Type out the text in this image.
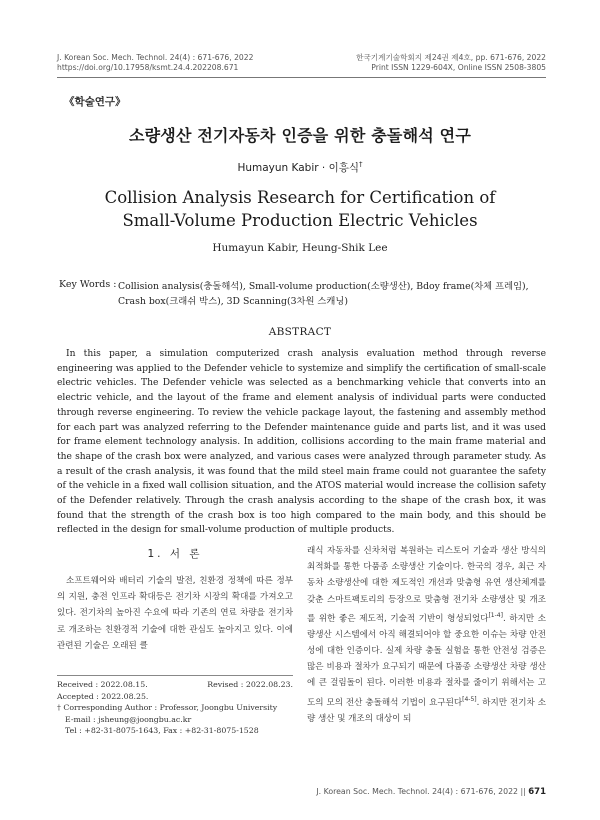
J. Korean Soc. Mech. Technol. 24(4) : 671-676, 2022
https://doi.org/10.17958/ksmt.24.4.202208.671
한국기계기술학회지 제24권 제4호, pp. 671-676, 2022
Print ISSN 1229-604X, Online ISSN 2508-3805
《학술연구》
소량생산 전기자동차 인증을 위한 충돌해석 연구
Humayun Kabir · 이흥식†
Collision Analysis Research for Certification of
Small-Volume Production Electric Vehicles
Humayun Kabir, Heung-Shik Lee
Key Words : Collision analysis(충돌해석), Small-volume production(소량생산), Bdoy frame(차체 프레임), Crash box(크래쉬 박스), 3D Scanning(3차원 스캐닝)
ABSTRACT
In this paper, a simulation computerized crash analysis evaluation method through reverse engineering was applied to the Defender vehicle to systemize and simplify the certification of small-scale electric vehicles. The Defender vehicle was selected as a benchmarking vehicle that converts into an electric vehicle, and the layout of the frame and element analysis of individual parts were conducted through reverse engineering. To review the vehicle package layout, the fastening and assembly method for each part was analyzed referring to the Defender maintenance guide and parts list, and it was used for frame element technology analysis. In addition, collisions according to the main frame material and the shape of the crash box were analyzed, and various cases were analyzed through parameter study. As a result of the crash analysis, it was found that the mild steel main frame could not guarantee the safety of the vehicle in a fixed wall collision situation, and the ATOS material would increase the collision safety of the Defender relatively. Through the crash analysis according to the shape of the crash box, it was found that the strength of the crash box is too high compared to the main body, and this should be reflected in the design for small-volume production of multiple products.
1. 서 론
소프트웨어와 배터리 기술의 발전, 친환경 정책에 따른 정부의 지원, 충전 인프라 확대등은 전기차 시장의 확대를 가져오고 있다. 전기차의 높아진 수요에 따라 기존의 연료 차량을 전기차로 개조하는 친환경적 기술에 대한 관심도 높아지고 있다. 이에 관련된 기술은 오래된 클
래식 자동차를 신차처럼 복원하는 리스토어 기술과 생산 방식의 최적화를 통한 다품종 소량생산 기술이다. 한국의 경우, 최근 자동차 소량생산에 대한 제도적인 개선과 맞춤형 유연 생산체계를 갖춘 스마트팩토리의 등장으로 맞춤형 전기차 소량생산 및 개조를 위한 좋은 제도적, 기술적 기반이 형성되었다[1-4]. 하지만 소량생산 시스템에서 아직 해결되어야 할 중요한 이슈는 차량 안전성에 대한 인증이다. 실제 차량 충돌 실험을 통한 안전성 검증은 많은 비용과 절차가 요구되기 때문에 다품종 소량생산 차량 생산에 큰 걸림돌이 된다. 이러한 비용과 절차를 줄이기 위해서는 고도의 모의 전산 충돌해석 기법이 요구된다[4-5]. 하지만 전기차 소량 생산 및 개조의 대상이 되
Received : 2022.08.15.	Revised : 2022.08.23.
Accepted : 2022.08.25.
† Corresponding Author : Professor, Joongbu University
E-mail : jsheung@joongbu.ac.kr
Tel : +82-31-8075-1643, Fax : +82-31-8075-1528
J. Korean Soc. Mech. Technol. 24(4) : 671-676, 2022 || 671
